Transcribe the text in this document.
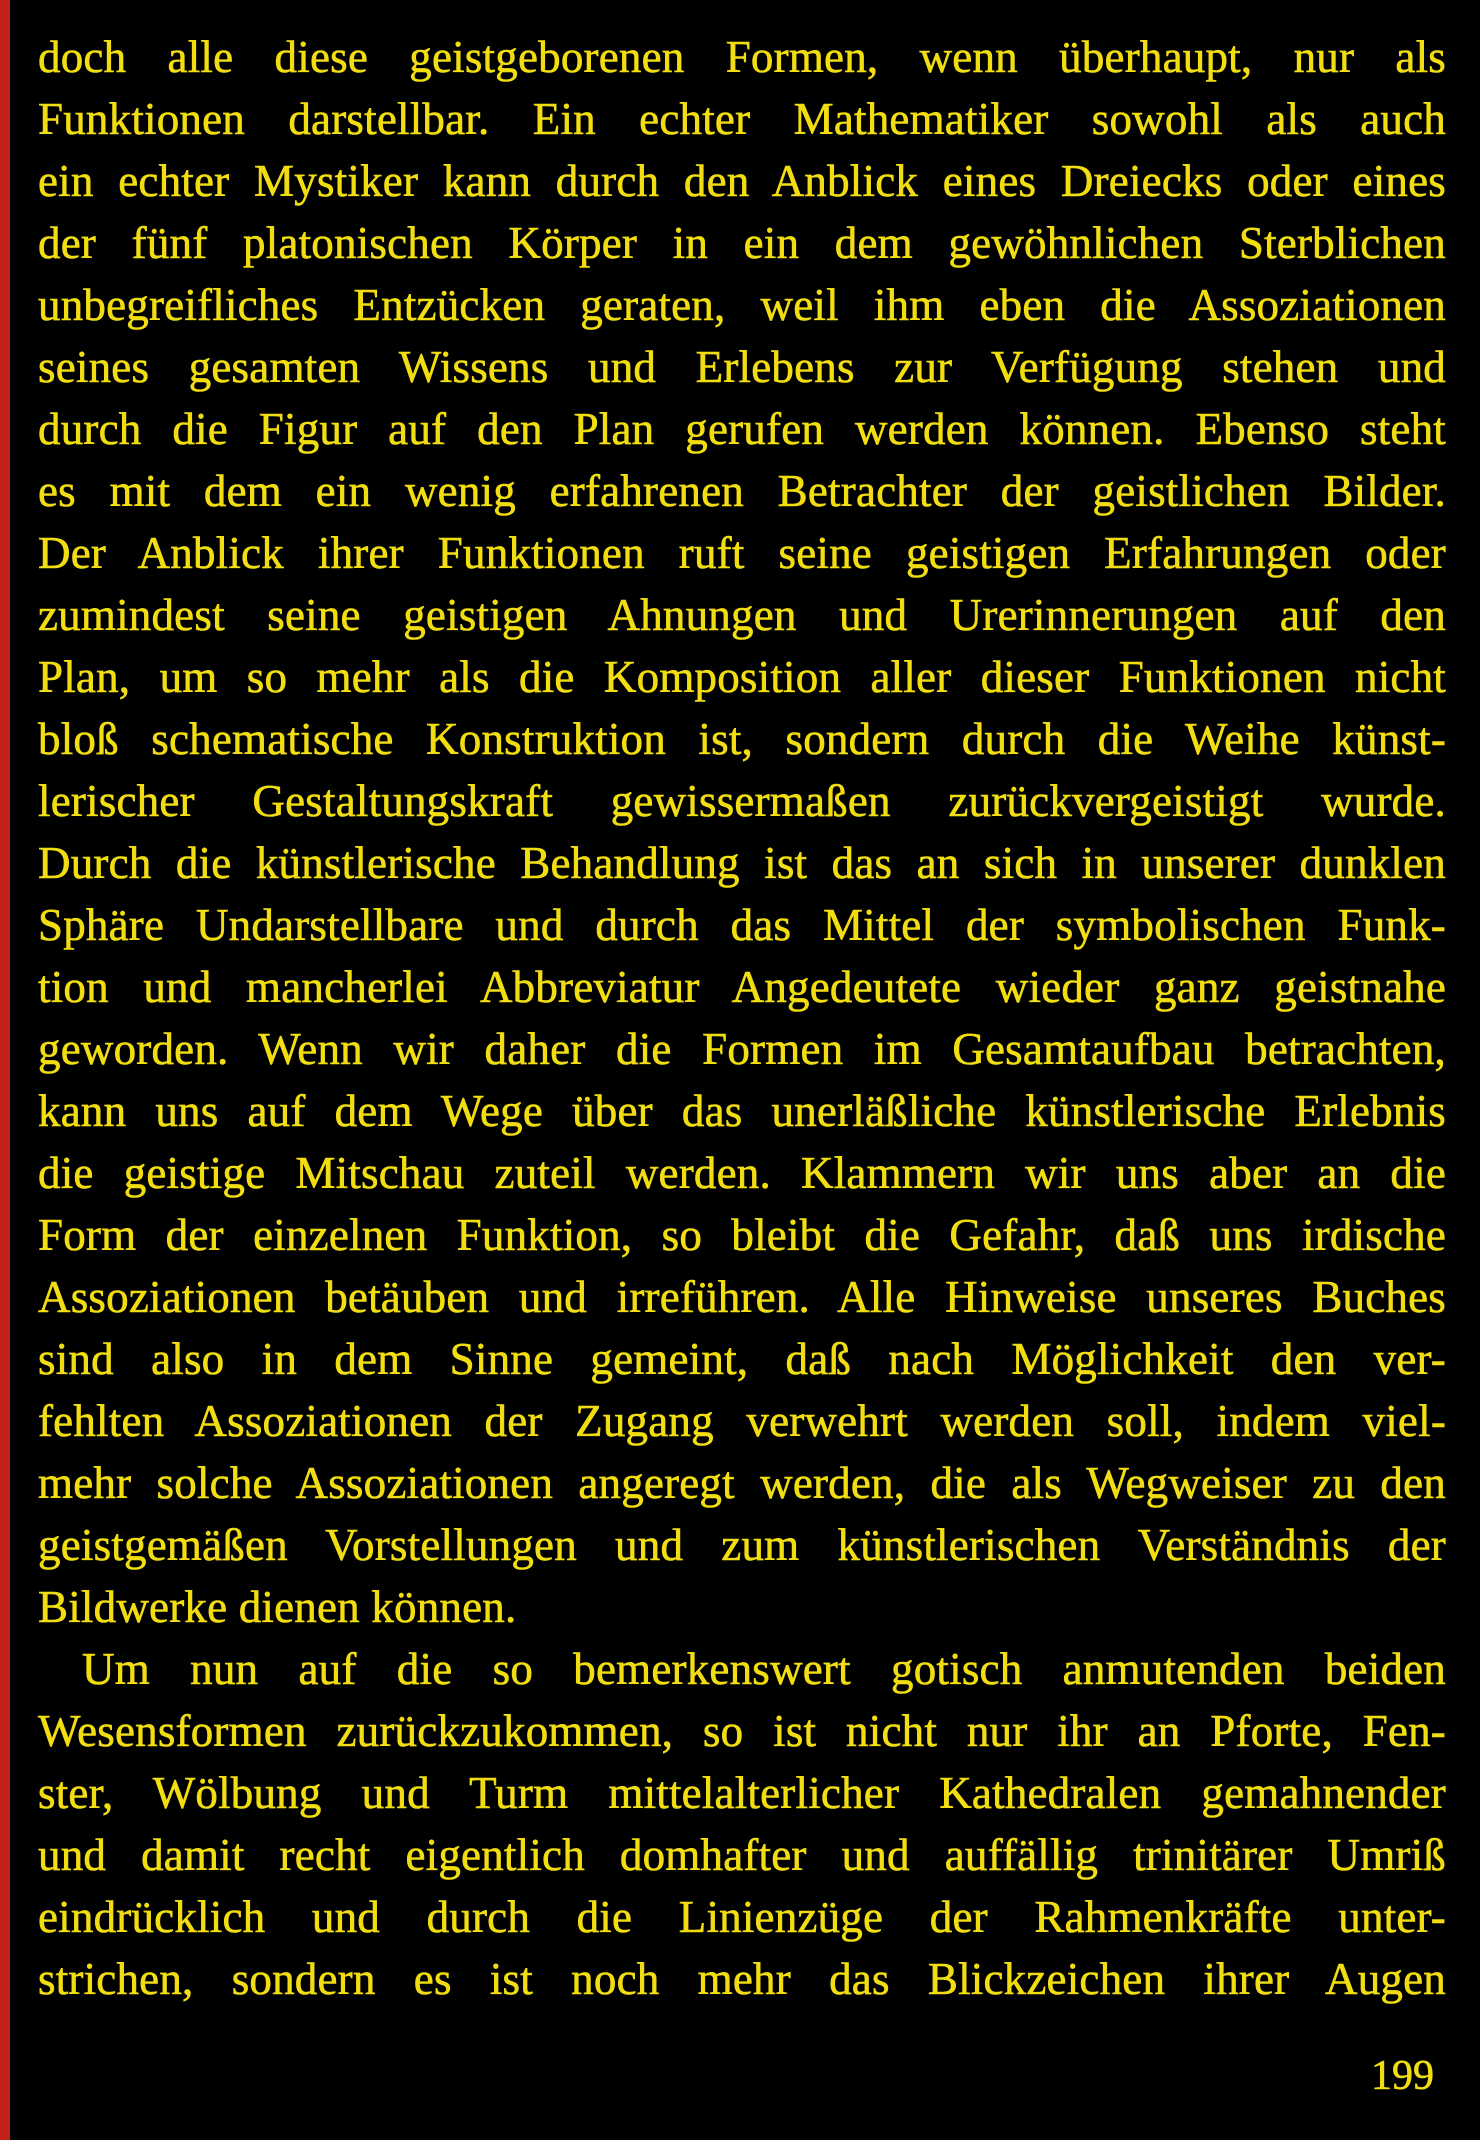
doch alle diese geistgeborenen Formen, wenn überhaupt, nur als
Funktionen darstellbar. Ein echter Mathematiker sowohl als auch
ein echter Mystiker kann durch den Anblick eines Dreiecks oder eines
der fünf platonischen Körper in ein dem gewöhnlichen Sterblichen
unbegreifliches Entzücken geraten, weil ihm eben die Assoziationen
seines gesamten Wissens und Erlebens zur Verfügung stehen und
durch die Figur auf den Plan gerufen werden können. Ebenso steht
es mit dem ein wenig erfahrenen Betrachter der geistlichen Bilder.
Der Anblick ihrer Funktionen ruft seine geistigen Erfahrungen oder
zumindest seine geistigen Ahnungen und Urerinnerungen auf den
Plan, um so mehr als die Komposition aller dieser Funktionen nicht
bloß schematische Konstruktion ist, sondern durch die Weihe künst-
lerischer Gestaltungskraft gewissermaßen zurückvergeistigt wurde.
Durch die künstlerische Behandlung ist das an sich in unserer dunklen
Sphäre Undarstellbare und durch das Mittel der symbolischen Funk-
tion und mancherlei Abbreviatur Angedeutete wieder ganz geistnahe
geworden. Wenn wir daher die Formen im Gesamtaufbau betrachten,
kann uns auf dem Wege über das unerläßliche künstlerische Erlebnis
die geistige Mitschau zuteil werden. Klammern wir uns aber an die
Form der einzelnen Funktion, so bleibt die Gefahr, daß uns irdische
Assoziationen betäuben und irreführen. Alle Hinweise unseres Buches
sind also in dem Sinne gemeint, daß nach Möglichkeit den ver-
fehlten Assoziationen der Zugang verwehrt werden soll, indem viel-
mehr solche Assoziationen angeregt werden, die als Wegweiser zu den
geistgemäßen Vorstellungen und zum künstlerischen Verständnis der
Bildwerke dienen können.
Um nun auf die so bemerkenswert gotisch anmutenden beiden
Wesensformen zurückzukommen, so ist nicht nur ihr an Pforte, Fen-
ster, Wölbung und Turm mittelalterlicher Kathedralen gemahnender
und damit recht eigentlich domhafter und auffällig trinitärer Umriß
eindrücklich und durch die Linienzüge der Rahmenkräfte unter-
strichen, sondern es ist noch mehr das Blickzeichen ihrer Augen
199
